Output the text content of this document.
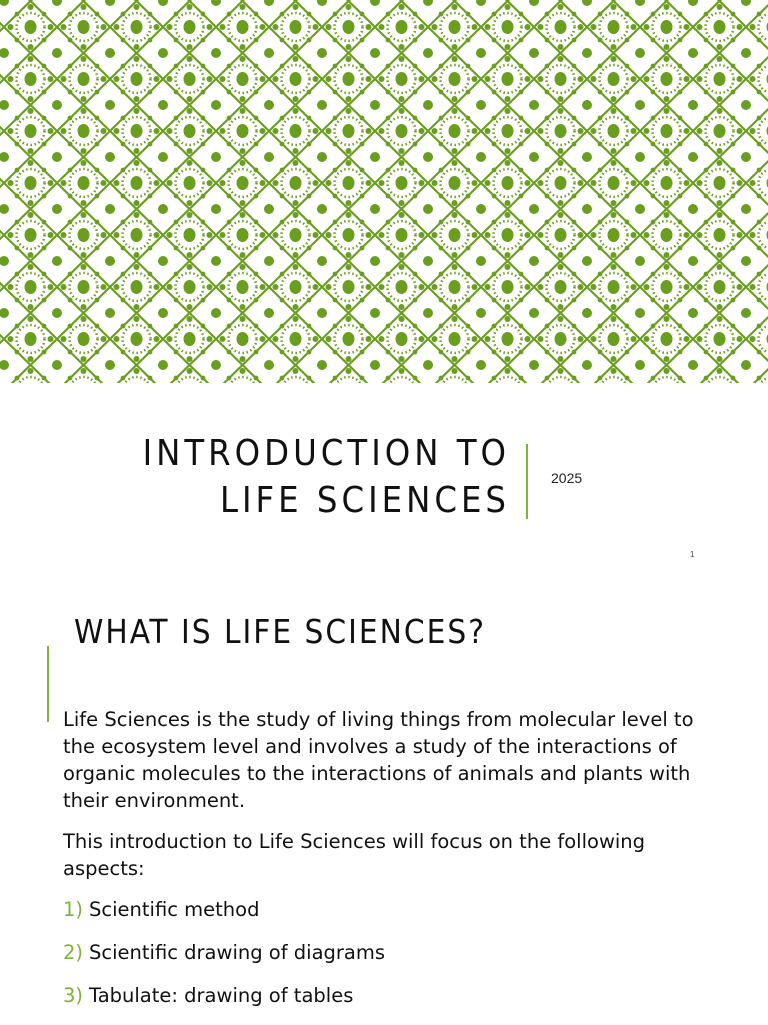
INTRODUCTION TO LIFE SCIENCES
2025
1
WHAT IS LIFE SCIENCES?

Life Sciences is the study of living things from molecular level to the ecosystem level and involves a study of the interactions of organic molecules to the interactions of animals and plants with their environment.

This introduction to Life Sciences will focus on the following aspects:

1) Scientific method
2) Scientific drawing of diagrams
3) Tabulate: drawing of tables
